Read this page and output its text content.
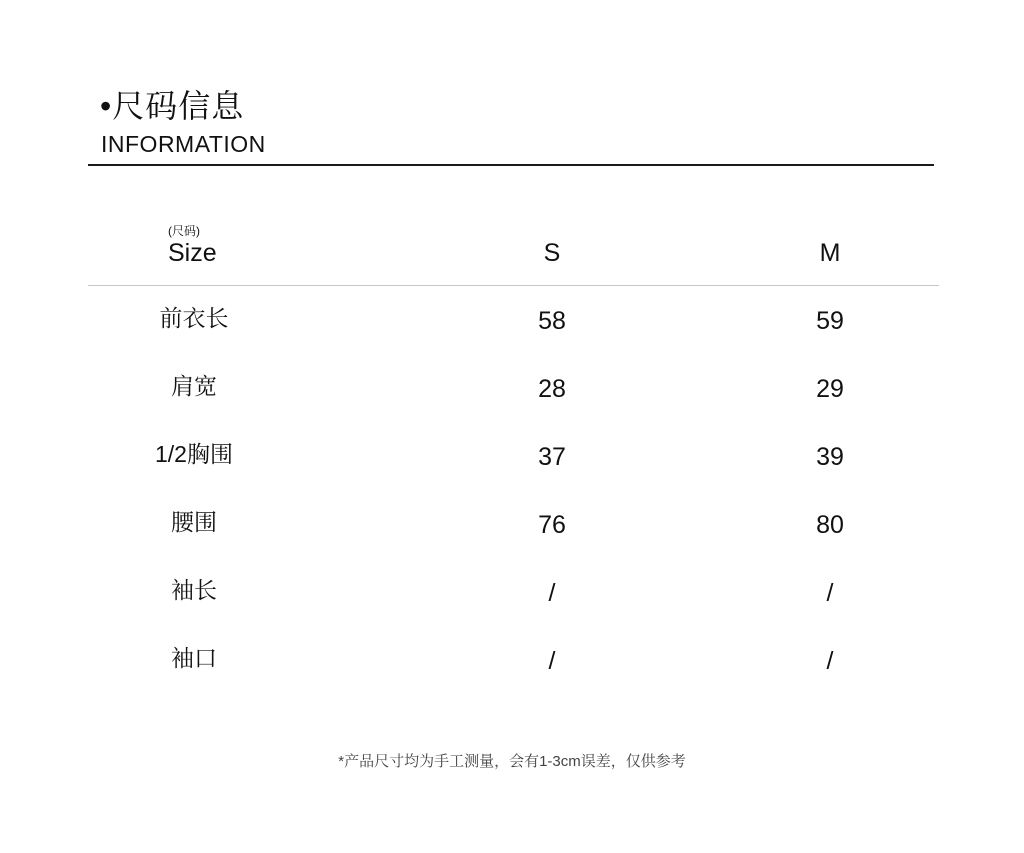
•尺码信息
INFORMATION
(尺码)
Size	S	M
前衣长	58	59
肩宽	28	29
1/2胸围	37	39
腰围	76	80
袖长	/	/
袖口	/	/
*产品尺寸均为手工测量，会有1-3cm误差，仅供参考
